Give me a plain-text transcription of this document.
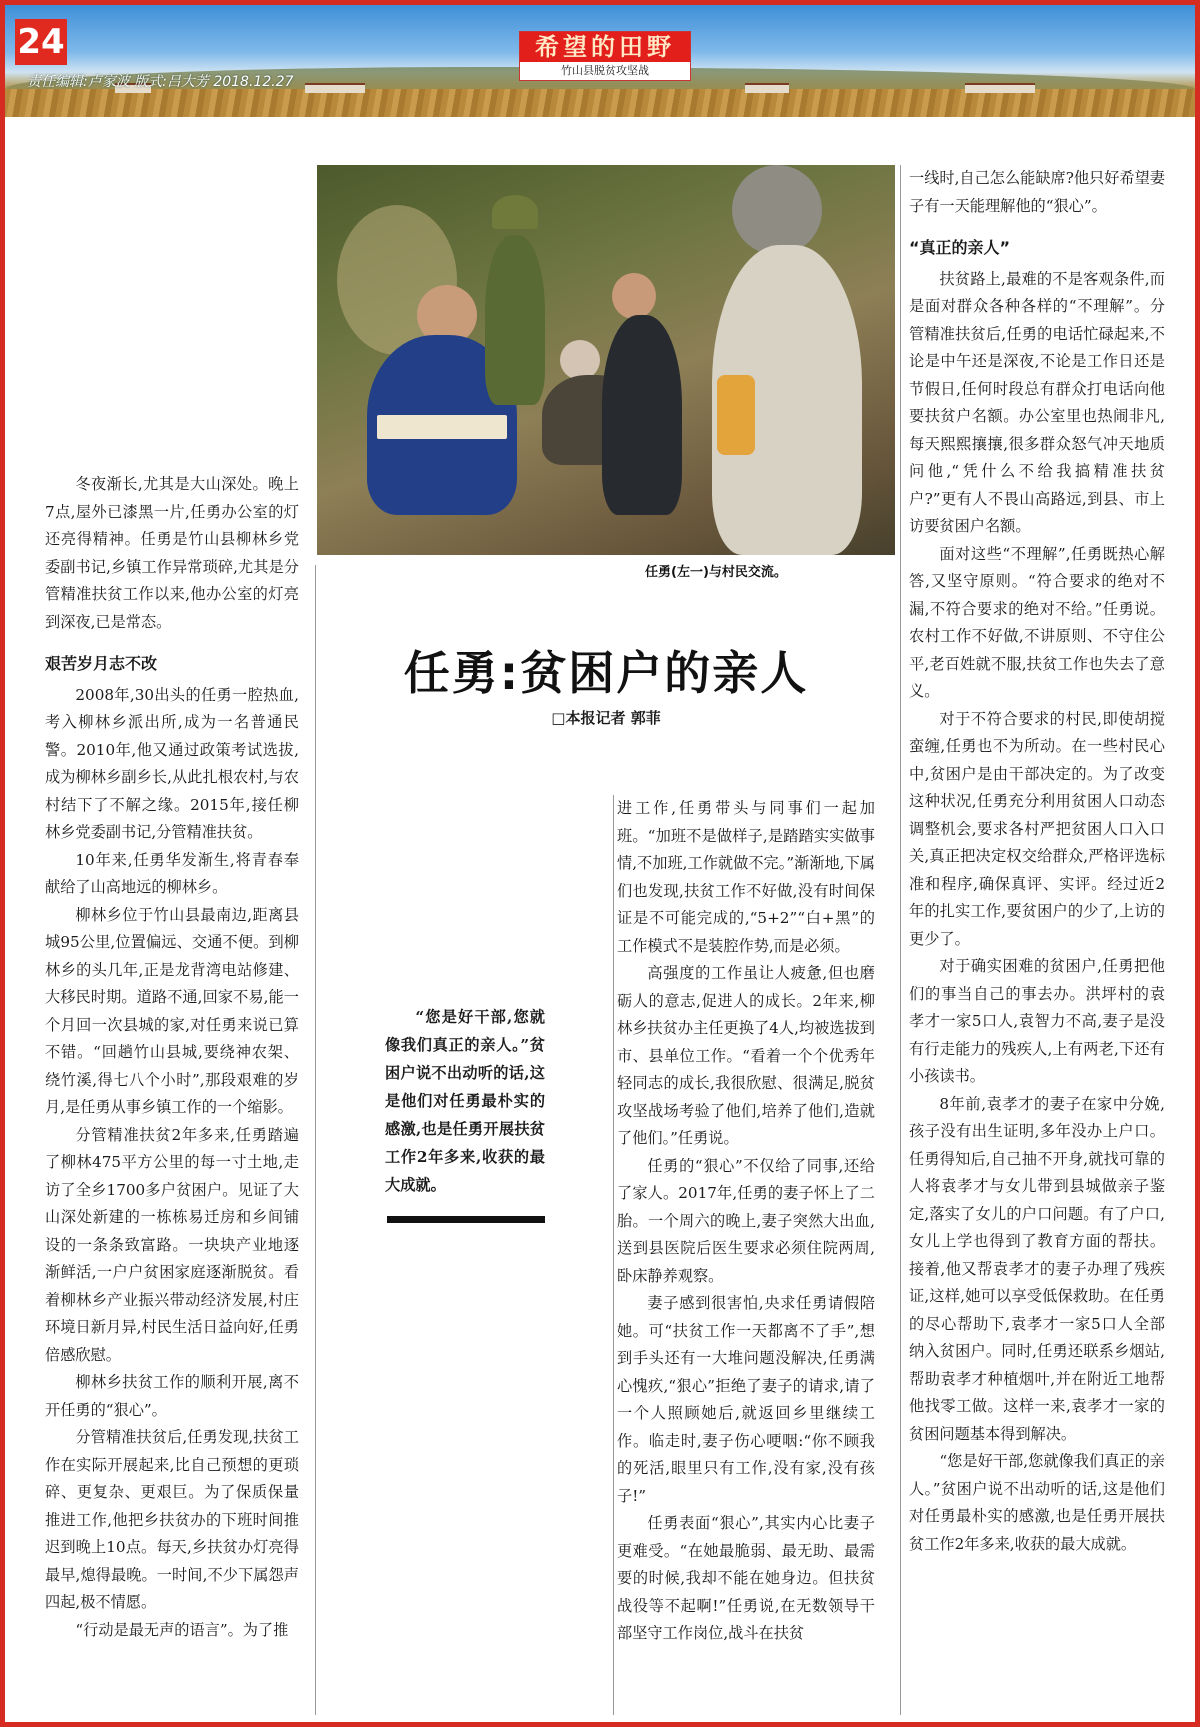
24
责任编辑:卢家波 版式:吕大芳 2018.12.27
希望的田野
竹山县脱贫攻坚战
任勇(左一)与村民交流。
任勇:贫困户的亲人
□本报记者 郭菲

“您是好干部,您就像我们真正的亲人。”贫困户说不出动听的话,这是他们对任勇最朴实的感激,也是任勇开展扶贫工作2年多来,收获的最大成就。

冬夜渐长,尤其是大山深处。晚上7点,屋外已漆黑一片,任勇办公室的灯还亮得精神。任勇是竹山县柳林乡党委副书记,乡镇工作异常琐碎,尤其是分管精准扶贫工作以来,他办公室的灯亮到深夜,已是常态。

艰苦岁月志不改

2008年,30出头的任勇一腔热血,考入柳林乡派出所,成为一名普通民警。2010年,他又通过政策考试选拔,成为柳林乡副乡长,从此扎根农村,与农村结下了不解之缘。2015年,接任柳林乡党委副书记,分管精准扶贫。

10年来,任勇华发渐生,将青春奉献给了山高地远的柳林乡。

柳林乡位于竹山县最南边,距离县城95公里,位置偏远、交通不便。到柳林乡的头几年,正是龙背湾电站修建、大移民时期。道路不通,回家不易,能一个月回一次县城的家,对任勇来说已算不错。“回趟竹山县城,要绕神农架、绕竹溪,得七八个小时”,那段艰难的岁月,是任勇从事乡镇工作的一个缩影。

分管精准扶贫2年多来,任勇踏遍了柳林475平方公里的每一寸土地,走访了全乡1700多户贫困户。见证了大山深处新建的一栋栋易迁房和乡间铺设的一条条致富路。一块块产业地逐渐鲜活,一户户贫困家庭逐渐脱贫。看着柳林乡产业振兴带动经济发展,村庄环境日新月异,村民生活日益向好,任勇倍感欣慰。

柳林乡扶贫工作的顺利开展,离不开任勇的“狠心”。

分管精准扶贫后,任勇发现,扶贫工作在实际开展起来,比自己预想的更琐碎、更复杂、更艰巨。为了保质保量推进工作,他把乡扶贫办的下班时间推迟到晚上10点。每天,乡扶贫办灯亮得最早,熄得最晚。一时间,不少下属怨声四起,极不情愿。

“行动是最无声的语言”。为了推

进工作,任勇带头与同事们一起加班。“加班不是做样子,是踏踏实实做事情,不加班,工作就做不完。”渐渐地,下属们也发现,扶贫工作不好做,没有时间保证是不可能完成的,“5+2”“白+黑”的工作模式不是装腔作势,而是必须。

高强度的工作虽让人疲惫,但也磨砺人的意志,促进人的成长。2年来,柳林乡扶贫办主任更换了4人,均被选拔到市、县单位工作。“看着一个个优秀年轻同志的成长,我很欣慰、很满足,脱贫攻坚战场考验了他们,培养了他们,造就了他们。”任勇说。

任勇的“狠心”不仅给了同事,还给了家人。2017年,任勇的妻子怀上了二胎。一个周六的晚上,妻子突然大出血,送到县医院后医生要求必须住院两周,卧床静养观察。

妻子感到很害怕,央求任勇请假陪她。可“扶贫工作一天都离不了手”,想到手头还有一大堆问题没解决,任勇满心愧疚,“狠心”拒绝了妻子的请求,请了一个人照顾她后,就返回乡里继续工作。临走时,妻子伤心哽咽:“你不顾我的死活,眼里只有工作,没有家,没有孩子!”

任勇表面“狠心”,其实内心比妻子更难受。“在她最脆弱、最无助、最需要的时候,我却不能在她身边。但扶贫战役等不起啊!”任勇说,在无数领导干部坚守工作岗位,战斗在扶贫

一线时,自己怎么能缺席?他只好希望妻子有一天能理解他的“狠心”。

“真正的亲人”

扶贫路上,最难的不是客观条件,而是面对群众各种各样的“不理解”。分管精准扶贫后,任勇的电话忙碌起来,不论是中午还是深夜,不论是工作日还是节假日,任何时段总有群众打电话向他要扶贫户名额。办公室里也热闹非凡,每天熙熙攘攘,很多群众怒气冲天地质问他,“凭什么不给我搞精准扶贫户?”更有人不畏山高路远,到县、市上访要贫困户名额。

面对这些“不理解”,任勇既热心解答,又坚守原则。“符合要求的绝对不漏,不符合要求的绝对不给。”任勇说。农村工作不好做,不讲原则、不守住公平,老百姓就不服,扶贫工作也失去了意义。

对于不符合要求的村民,即使胡搅蛮缠,任勇也不为所动。在一些村民心中,贫困户是由干部决定的。为了改变这种状况,任勇充分利用贫困人口动态调整机会,要求各村严把贫困人口入口关,真正把决定权交给群众,严格评选标准和程序,确保真评、实评。经过近2年的扎实工作,要贫困户的少了,上访的更少了。

对于确实困难的贫困户,任勇把他们的事当自己的事去办。洪坪村的袁孝才一家5口人,袁智力不高,妻子是没有行走能力的残疾人,上有两老,下还有小孩读书。

8年前,袁孝才的妻子在家中分娩,孩子没有出生证明,多年没办上户口。任勇得知后,自己抽不开身,就找可靠的人将袁孝才与女儿带到县城做亲子鉴定,落实了女儿的户口问题。有了户口,女儿上学也得到了教育方面的帮扶。接着,他又帮袁孝才的妻子办理了残疾证,这样,她可以享受低保救助。在任勇的尽心帮助下,袁孝才一家5口人全部纳入贫困户。同时,任勇还联系乡烟站,帮助袁孝才种植烟叶,并在附近工地帮他找零工做。这样一来,袁孝才一家的贫困问题基本得到解决。

“您是好干部,您就像我们真正的亲人。”贫困户说不出动听的话,这是他们对任勇最朴实的感激,也是任勇开展扶贫工作2年多来,收获的最大成就。
